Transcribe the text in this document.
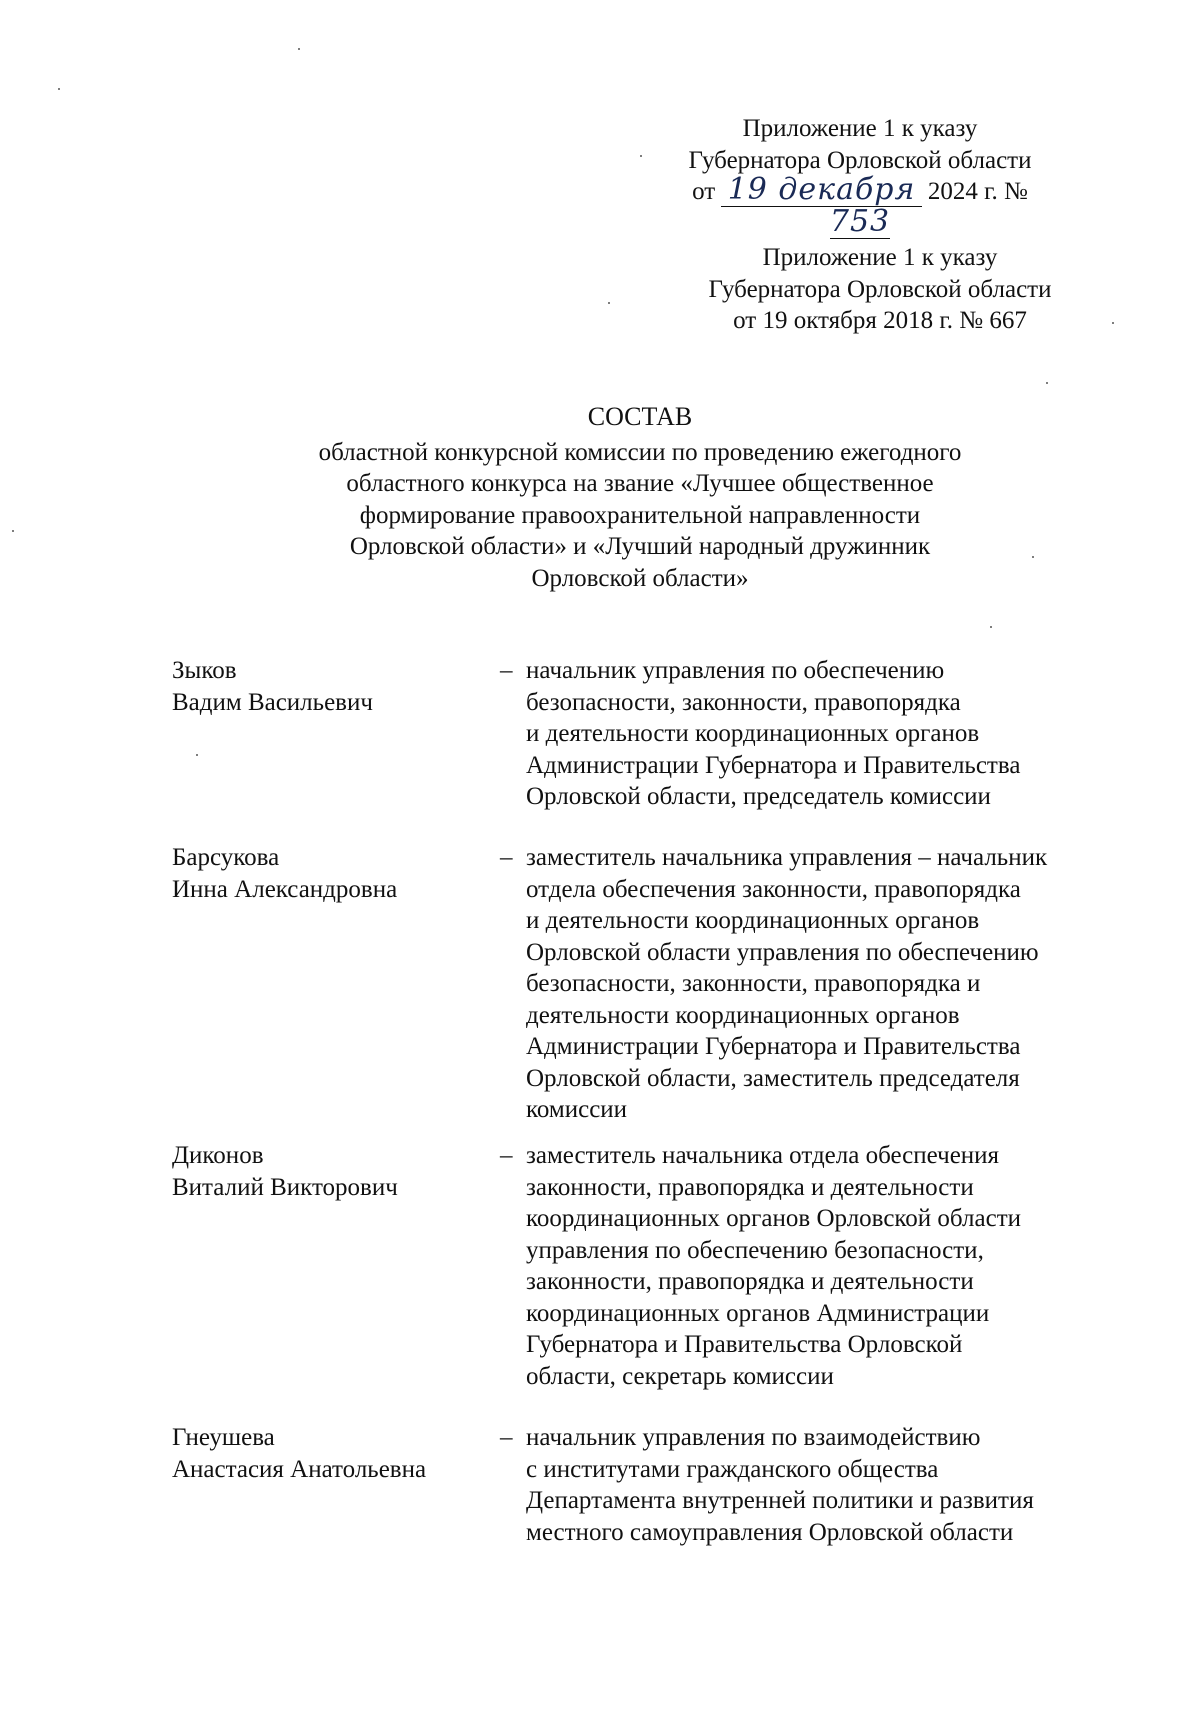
Приложение 1 к указу
Губернатора Орловской области
от 19 декабря 2024 г. № 753
Приложение 1 к указу
Губернатора Орловской области
от 19 октября 2018 г. № 667
СОСТАВ
областной конкурсной комиссии по проведению ежегодного
областного конкурса на звание «Лучшее общественное
формирование правоохранительной направленности
Орловской области» и «Лучший народный дружинник
Орловской области»
Зыков
Вадим Васильевич
– начальник управления по обеспечению
безопасности, законности, правопорядка
и деятельности координационных органов
Администрации Губернатора и Правительства
Орловской области, председатель комиссии
Барсукова
Инна Александровна
– заместитель начальника управления – начальник
отдела обеспечения законности, правопорядка
и деятельности координационных органов
Орловской области управления по обеспечению
безопасности, законности, правопорядка и
деятельности координационных органов
Администрации Губернатора и Правительства
Орловской области, заместитель председателя
комиссии
Диконов
Виталий Викторович
– заместитель начальника отдела обеспечения
законности, правопорядка и деятельности
координационных органов Орловской области
управления по обеспечению безопасности,
законности, правопорядка и деятельности
координационных органов Администрации
Губернатора и Правительства Орловской
области, секретарь комиссии
Гнеушева
Анастасия Анатольевна
– начальник управления по взаимодействию
с институтами гражданского общества
Департамента внутренней политики и развития
местного самоуправления Орловской области
